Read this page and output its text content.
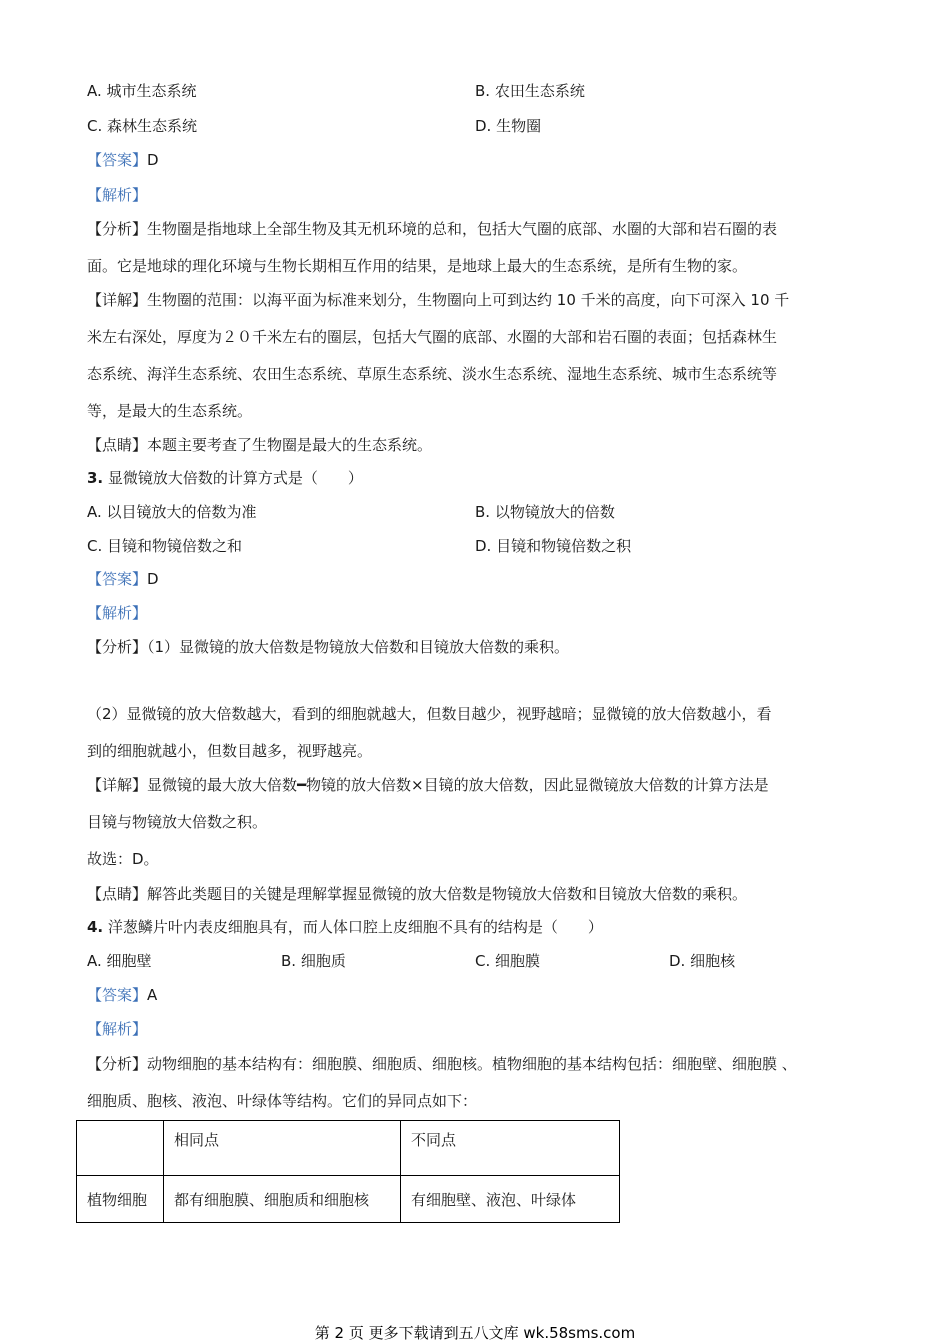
A. 城市生态系统	B. 农田生态系统
C. 森林生态系统	D. 生物圈
【答案】D
【解析】
【分析】生物圈是指地球上全部生物及其无机环境的总和，包括大气圈的底部、水圈的大部和岩石圈的表
面。它是地球的理化环境与生物长期相互作用的结果，是地球上最大的生态系统，是所有生物的家。
【详解】生物圈的范围：以海平面为标准来划分，生物圈向上可到达约 10 千米的高度，向下可深入 10 千
米左右深处，厚度为２０千米左右的圈层，包括大气圈的底部、水圈的大部和岩石圈的表面；包括森林生
态系统、海洋生态系统、农田生态系统、草原生态系统、淡水生态系统、湿地生态系统、城市生态系统等
等，是最大的生态系统。
【点睛】本题主要考查了生物圈是最大的生态系统。
3. 显微镜放大倍数的计算方式是（　　）
A. 以目镜放大的倍数为准	B. 以物镜放大的倍数
C. 目镜和物镜倍数之和	D. 目镜和物镜倍数之积
【答案】D
【解析】
【分析】（1）显微镜的放大倍数是物镜放大倍数和目镜放大倍数的乘积。
（2）显微镜的放大倍数越大，看到的细胞就越大，但数目越少，视野越暗；显微镜的放大倍数越小，看
到的细胞就越小，但数目越多，视野越亮。
【详解】显微镜的最大放大倍数━物镜的放大倍数×目镜的放大倍数，因此显微镜放大倍数的计算方法是
目镜与物镜放大倍数之积。
故选：D。
【点睛】解答此类题目的关键是理解掌握显微镜的放大倍数是物镜放大倍数和目镜放大倍数的乘积。
4. 洋葱鳞片叶内表皮细胞具有，而人体口腔上皮细胞不具有的结构是（　　）
A. 细胞壁	B. 细胞质	C. 细胞膜	D. 细胞核
【答案】A
【解析】
【分析】动物细胞的基本结构有：细胞膜、细胞质、细胞核。植物细胞的基本结构包括：细胞壁、细胞膜 、
细胞质、胞核、液泡、叶绿体等结构。它们的异同点如下：
	相同点	不同点
植物细胞	都有细胞膜、细胞质和细胞核	有细胞壁、液泡、叶绿体
第 2 页 更多下载请到五八文库 wk.58sms.com
